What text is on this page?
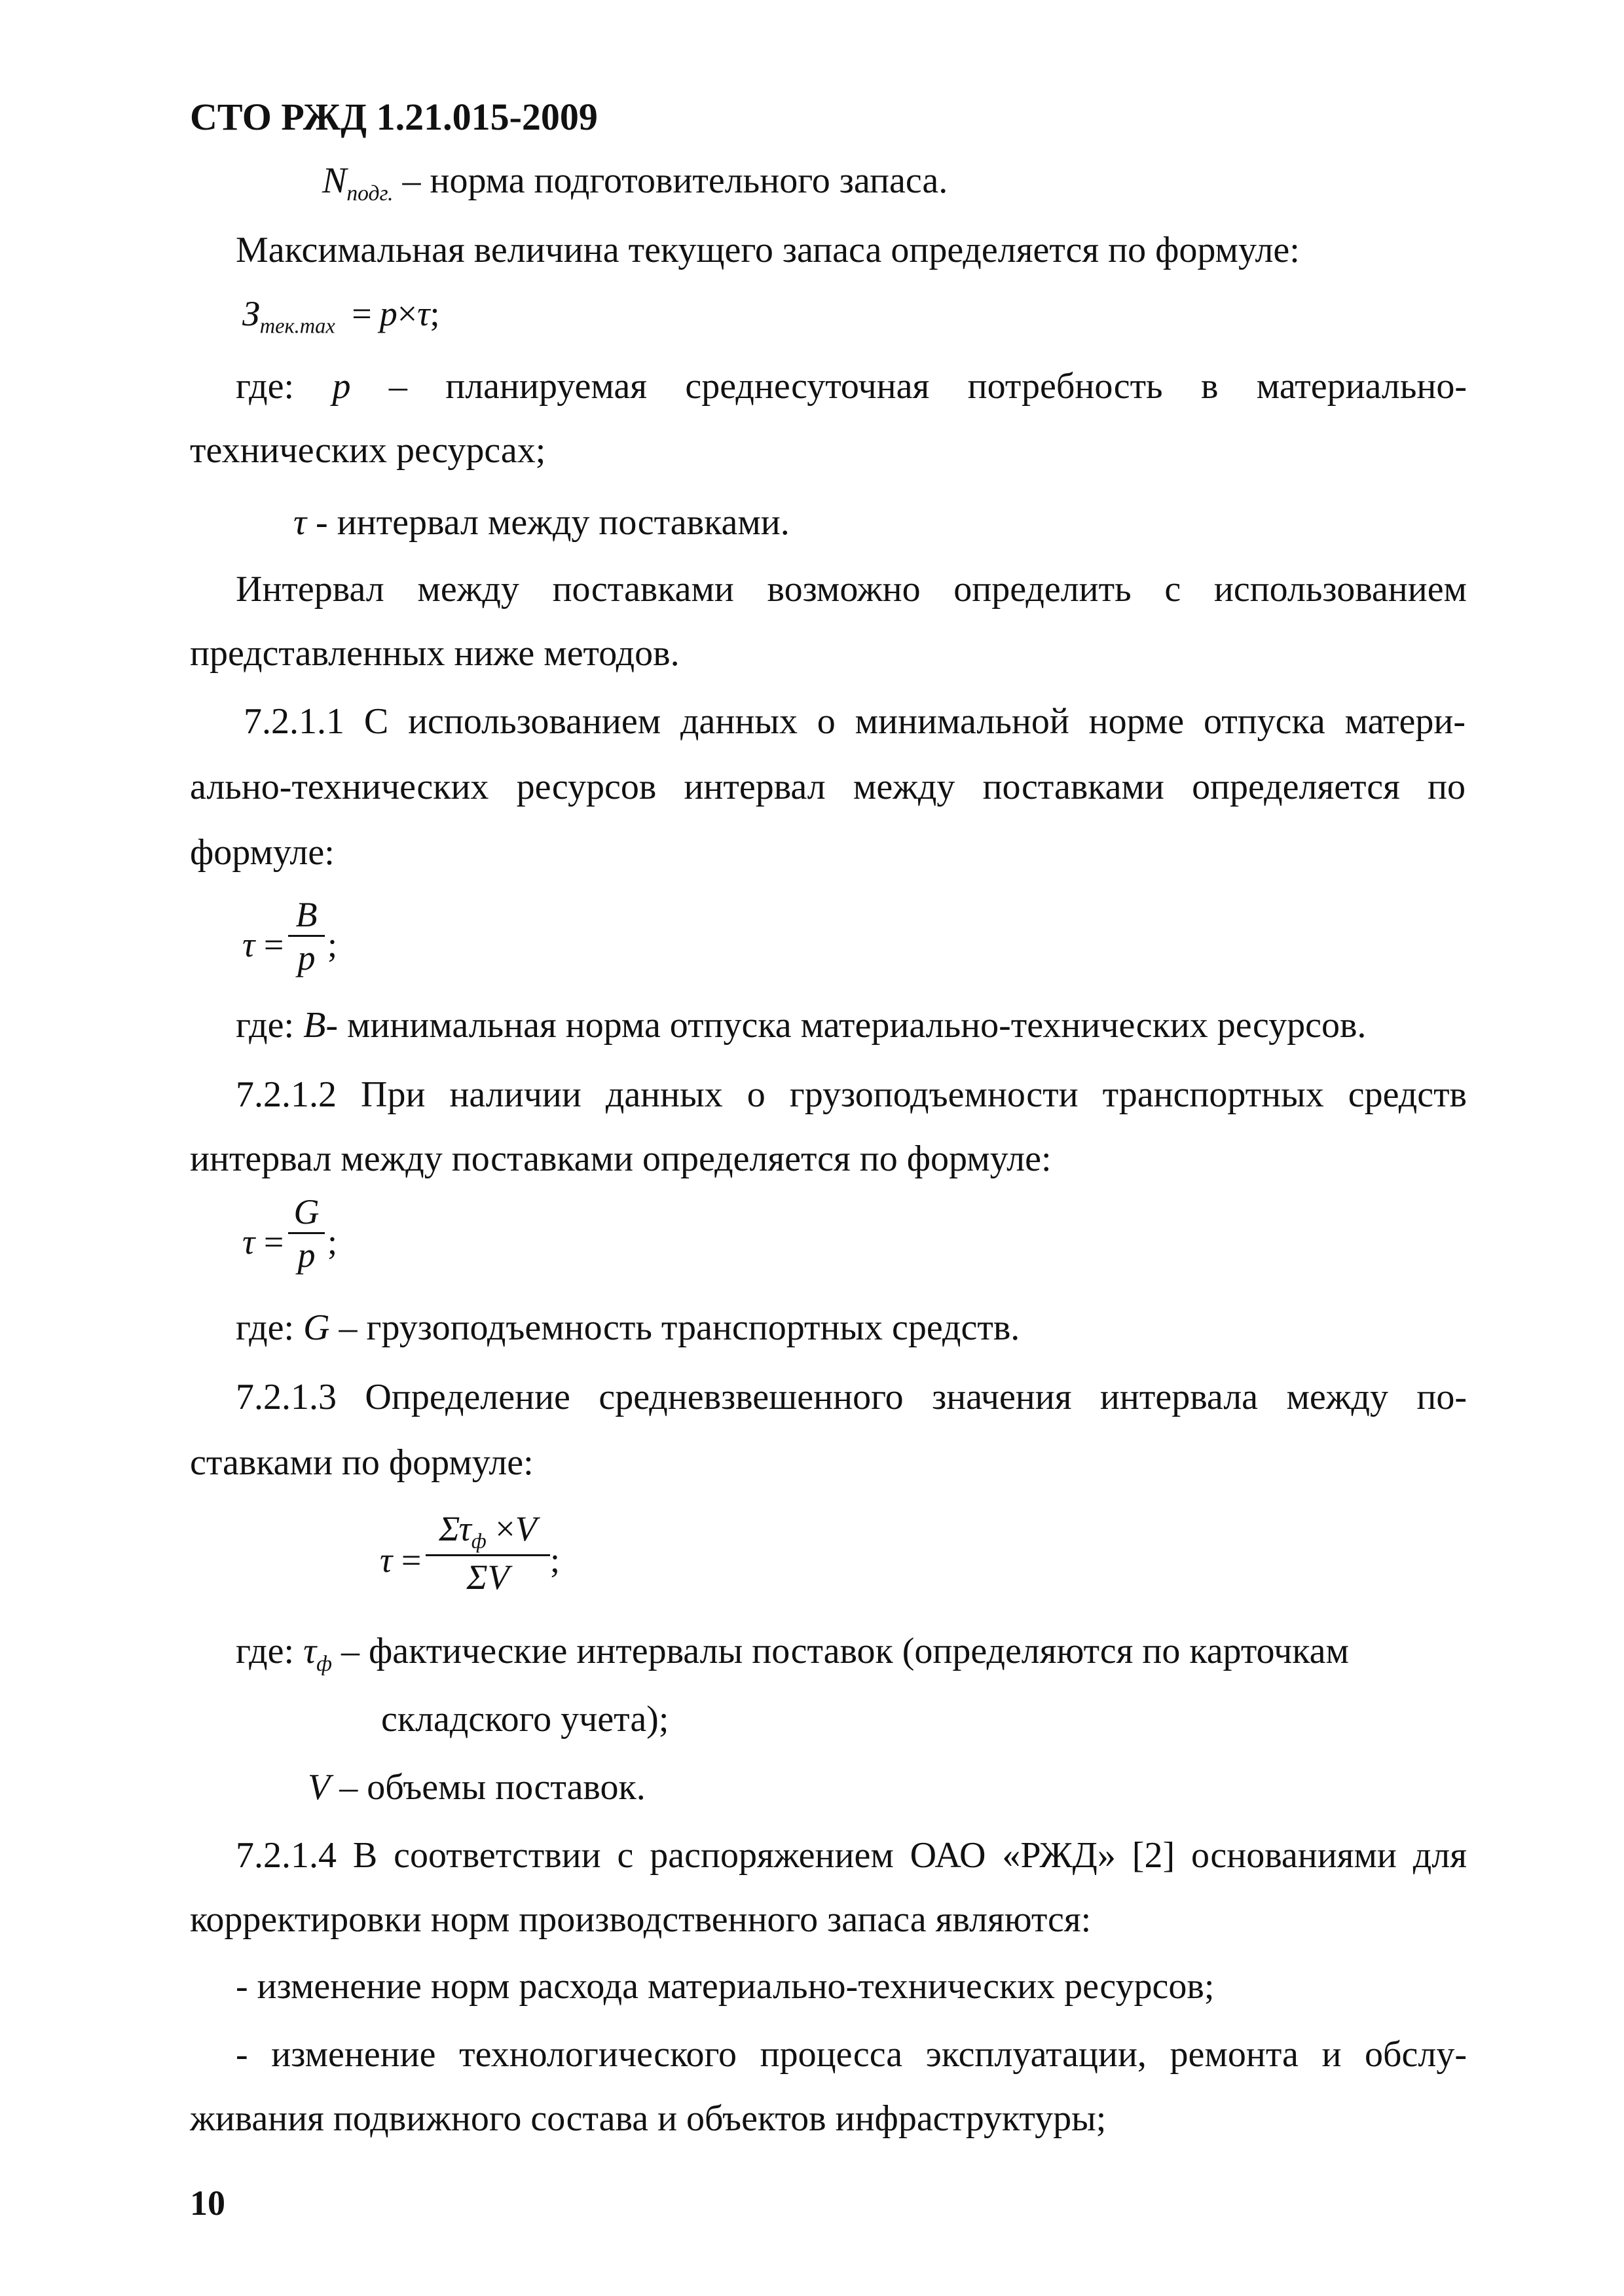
СТО РЖД 1.21.015-2009
$N_{подг.}$ – норма подготовительного запаса.
Максимальная величина текущего запаса определяется по формуле:
$З_{тек.max} = p\times\tau$;
где: p – планируемая среднесуточная потребность в материально-
технических ресурсах;
τ - интервал между поставками.
Интервал между поставками возможно определить с использованием
представленных ниже методов.
7.2.1.1 С использованием данных о минимальной норме отпуска матери-
ально-технических ресурсов интервал между поставками определяется по
формуле:
τ =
B
p ;
где: B- минимальная норма отпуска материально-технических ресурсов.
7.2.1.2 При наличии данных о грузоподъемности транспортных средств
интервал между поставками определяется по формуле:
τ =
G
p ;
где: G – грузоподъемность транспортных средств.
7.2.1.3 Определение средневзвешенного значения интервала между по-
ставками по формуле:
τ =
$\Sigma\tau_ф \times V$
ΣV	;
где: $\tau_ф$ – фактические интервалы поставок (определяются по карточкам
складского учета);
V – объемы поставок.
7.2.1.4 В соответствии с распоряжением ОАО «РЖД» [2] основаниями для
корректировки норм производственного запаса являются:
- изменение норм расхода материально-технических ресурсов;
- изменение технологического процесса эксплуатации, ремонта и обслу-
живания подвижного состава и объектов инфраструктуры;
10
